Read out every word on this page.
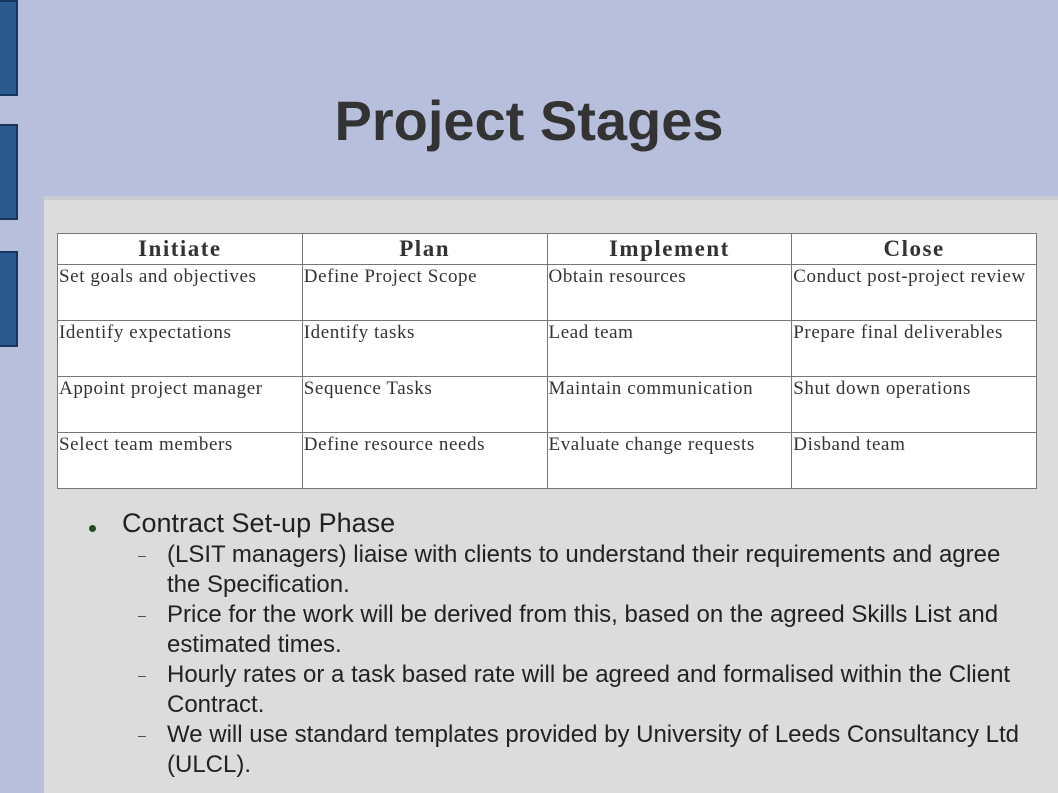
Project Stages
Initiate	Plan	Implement	Close
Set goals and objectives	Define Project Scope	Obtain resources	Conduct post-project review
Identify expectations	Identify tasks	Lead team	Prepare final deliverables
Appoint project manager	Sequence Tasks	Maintain communication	Shut down operations
Select team members	Define resource needs	Evaluate change requests	Disband team
Contract Set-up Phase
– (LSIT managers) liaise with clients to understand their requirements and agree the Specification.
– Price for the work will be derived from this, based on the agreed Skills List and estimated times.
– Hourly rates or a task based rate will be agreed and formalised within the Client Contract.
– We will use standard templates provided by University of Leeds Consultancy Ltd (ULCL).
